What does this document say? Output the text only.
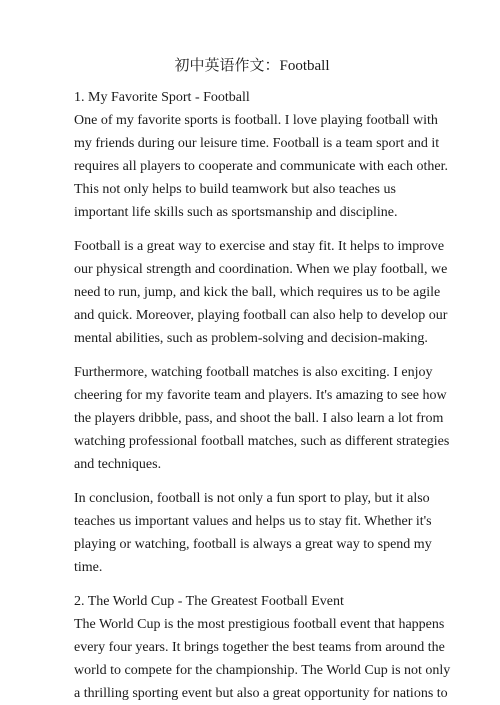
初中英语作文：Football
1. My Favorite Sport - Football

One of my favorite sports is football. I love playing football with
my friends during our leisure time. Football is a team sport and it
requires all players to cooperate and communicate with each other.
This not only helps to build teamwork but also teaches us
important life skills such as sportsmanship and discipline.

Football is a great way to exercise and stay fit. It helps to improve
our physical strength and coordination. When we play football, we
need to run, jump, and kick the ball, which requires us to be agile
and quick. Moreover, playing football can also help to develop our
mental abilities, such as problem-solving and decision-making.

Furthermore, watching football matches is also exciting. I enjoy
cheering for my favorite team and players. It's amazing to see how
the players dribble, pass, and shoot the ball. I also learn a lot from
watching professional football matches, such as different strategies
and techniques.

In conclusion, football is not only a fun sport to play, but it also
teaches us important values and helps us to stay fit. Whether it's
playing or watching, football is always a great way to spend my
time.

2. The World Cup - The Greatest Football Event

The World Cup is the most prestigious football event that happens
every four years. It brings together the best teams from around the
world to compete for the championship. The World Cup is not only
a thrilling sporting event but also a great opportunity for nations to
